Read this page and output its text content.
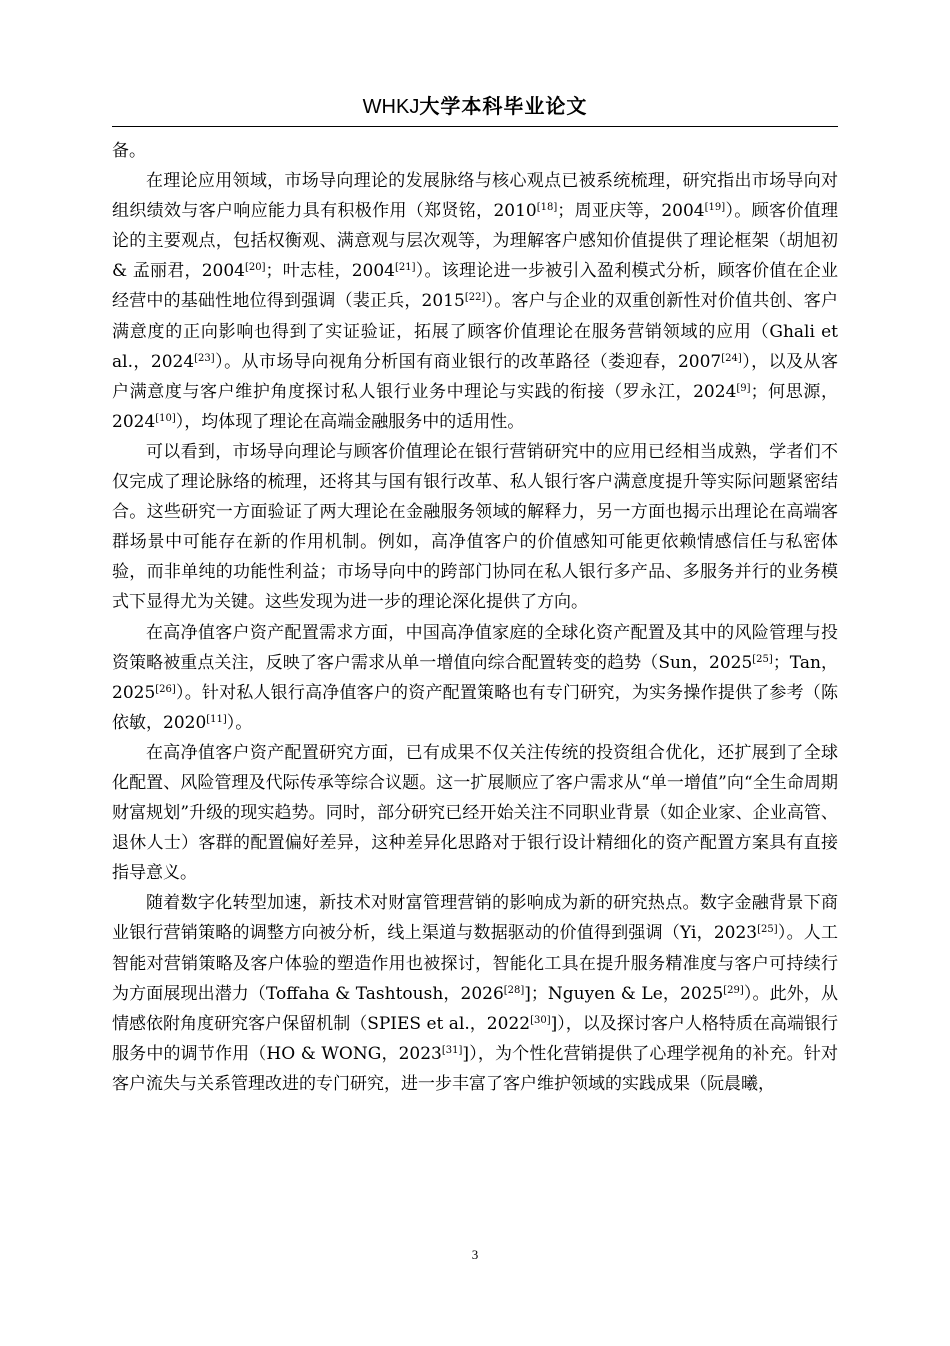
WHKJ大学本科毕业论文

备。

在理论应用领域，市场导向理论的发展脉络与核心观点已被系统梳理，研究指出市场导向对组织绩效与客户响应能力具有积极作用（郑贤铭，2010[18]；周亚庆等，2004[19]）。顾客价值理论的主要观点，包括权衡观、满意观与层次观等，为理解客户感知价值提供了理论框架（胡旭初 & 孟丽君，2004[20]；叶志桂，2004[21]）。该理论进一步被引入盈利模式分析，顾客价值在企业经营中的基础性地位得到强调（裴正兵，2015[22]）。客户与企业的双重创新性对价值共创、客户满意度的正向影响也得到了实证验证，拓展了顾客价值理论在服务营销领域的应用（Ghali et al.，2024[23]）。从市场导向视角分析国有商业银行的改革路径（娄迎春，2007[24]），以及从客户满意度与客户维护角度探讨私人银行业务中理论与实践的衔接（罗永江，2024[9]；何思源，2024[10]），均体现了理论在高端金融服务中的适用性。

可以看到，市场导向理论与顾客价值理论在银行营销研究中的应用已经相当成熟，学者们不仅完成了理论脉络的梳理，还将其与国有银行改革、私人银行客户满意度提升等实际问题紧密结合。这些研究一方面验证了两大理论在金融服务领域的解释力，另一方面也揭示出理论在高端客群场景中可能存在新的作用机制。例如，高净值客户的价值感知可能更依赖情感信任与私密体验，而非单纯的功能性利益；市场导向中的跨部门协同在私人银行多产品、多服务并行的业务模式下显得尤为关键。这些发现为进一步的理论深化提供了方向。

在高净值客户资产配置需求方面，中国高净值家庭的全球化资产配置及其中的风险管理与投资策略被重点关注，反映了客户需求从单一增值向综合配置转变的趋势（Sun，2025[25]；Tan，2025[26]）。针对私人银行高净值客户的资产配置策略也有专门研究，为实务操作提供了参考（陈依敏，2020[11]）。

在高净值客户资产配置研究方面，已有成果不仅关注传统的投资组合优化，还扩展到了全球化配置、风险管理及代际传承等综合议题。这一扩展顺应了客户需求从“单一增值”向“全生命周期财富规划”升级的现实趋势。同时，部分研究已经开始关注不同职业背景（如企业家、企业高管、退休人士）客群的配置偏好差异，这种差异化思路对于银行设计精细化的资产配置方案具有直接指导意义。

随着数字化转型加速，新技术对财富管理营销的影响成为新的研究热点。数字金融背景下商业银行营销策略的调整方向被分析，线上渠道与数据驱动的价值得到强调（Yi，2023[25]）。人工智能对营销策略及客户体验的塑造作用也被探讨，智能化工具在提升服务精准度与客户可持续行为方面展现出潜力（Toffaha & Tashtoush，2026[28]]；Nguyen & Le，2025[29]）。此外，从情感依附角度研究客户保留机制（SPIES et al.，2022[30]]），以及探讨客户人格特质在高端银行服务中的调节作用（HO & WONG，2023[31]]），为个性化营销提供了心理学视角的补充。针对客户流失与关系管理改进的专门研究，进一步丰富了客户维护领域的实践成果（阮晨曦，

3
